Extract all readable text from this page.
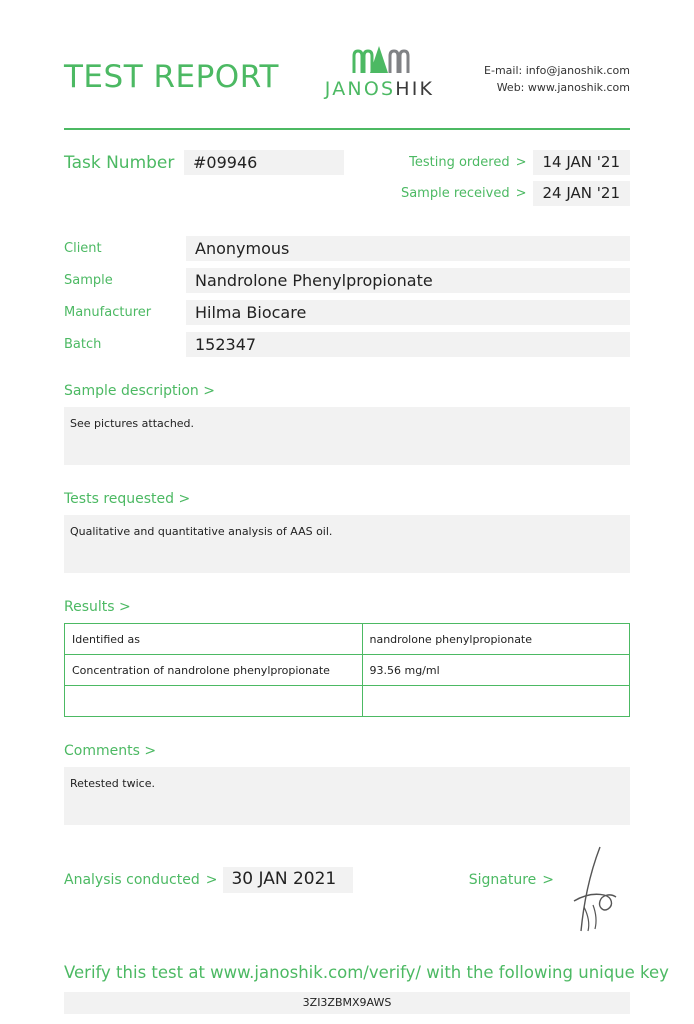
TEST REPORT JANOSHIK
E-mail: info@janoshik.com
Web: www.janoshik.com
Task Number	#09946	Testing ordered >	14 JAN '21
Sample received >	24 JAN '21
Client	Anonymous
Sample	Nandrolone Phenylpropionate
Manufacturer	Hilma Biocare
Batch	152347
Sample description >
See pictures attached.
Tests requested >
Qualitative and quantitative analysis of AAS oil.
Results >
Identified as	nandrolone phenylpropionate
Concentration of nandrolone phenylpropionate	93.56 mg/ml

Comments >
Retested twice.
Analysis conducted > 30 JAN 2021	Signature >
Verify this test at www.janoshik.com/verify/ with the following unique key
3ZI3ZBMX9AWS
